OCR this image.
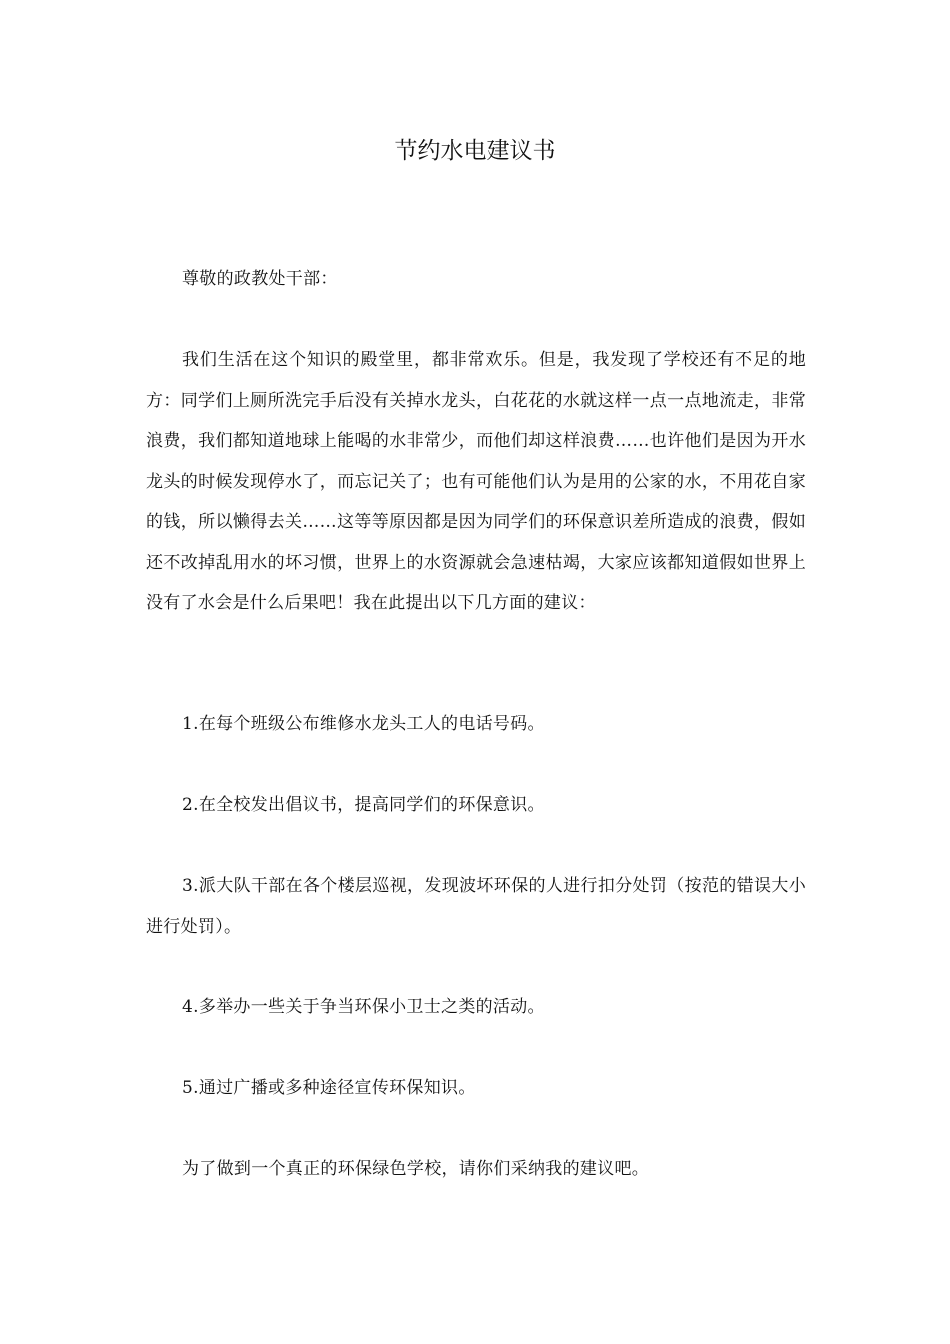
节约水电建议书

尊敬的政教处干部：

我们生活在这个知识的殿堂里，都非常欢乐。但是，我发现了学校还有不足的地方：同学们上厕所洗完手后没有关掉水龙头，白花花的水就这样一点一点地流走，非常浪费，我们都知道地球上能喝的水非常少，而他们却这样浪费……也许他们是因为开水龙头的时候发现停水了，而忘记关了；也有可能他们认为是用的公家的水，不用花自家的钱，所以懒得去关……这等等原因都是因为同学们的环保意识差所造成的浪费，假如还不改掉乱用水的坏习惯，世界上的水资源就会急速枯竭，大家应该都知道假如世界上没有了水会是什么后果吧！我在此提出以下几方面的建议：

1.在每个班级公布维修水龙头工人的电话号码。

2.在全校发出倡议书，提高同学们的环保意识。

3.派大队干部在各个楼层巡视，发现波坏环保的人进行扣分处罚（按范的错误大小进行处罚）。

4.多举办一些关于争当环保小卫士之类的活动。

5.通过广播或多种途径宣传环保知识。

为了做到一个真正的环保绿色学校，请你们采纳我的建议吧。
